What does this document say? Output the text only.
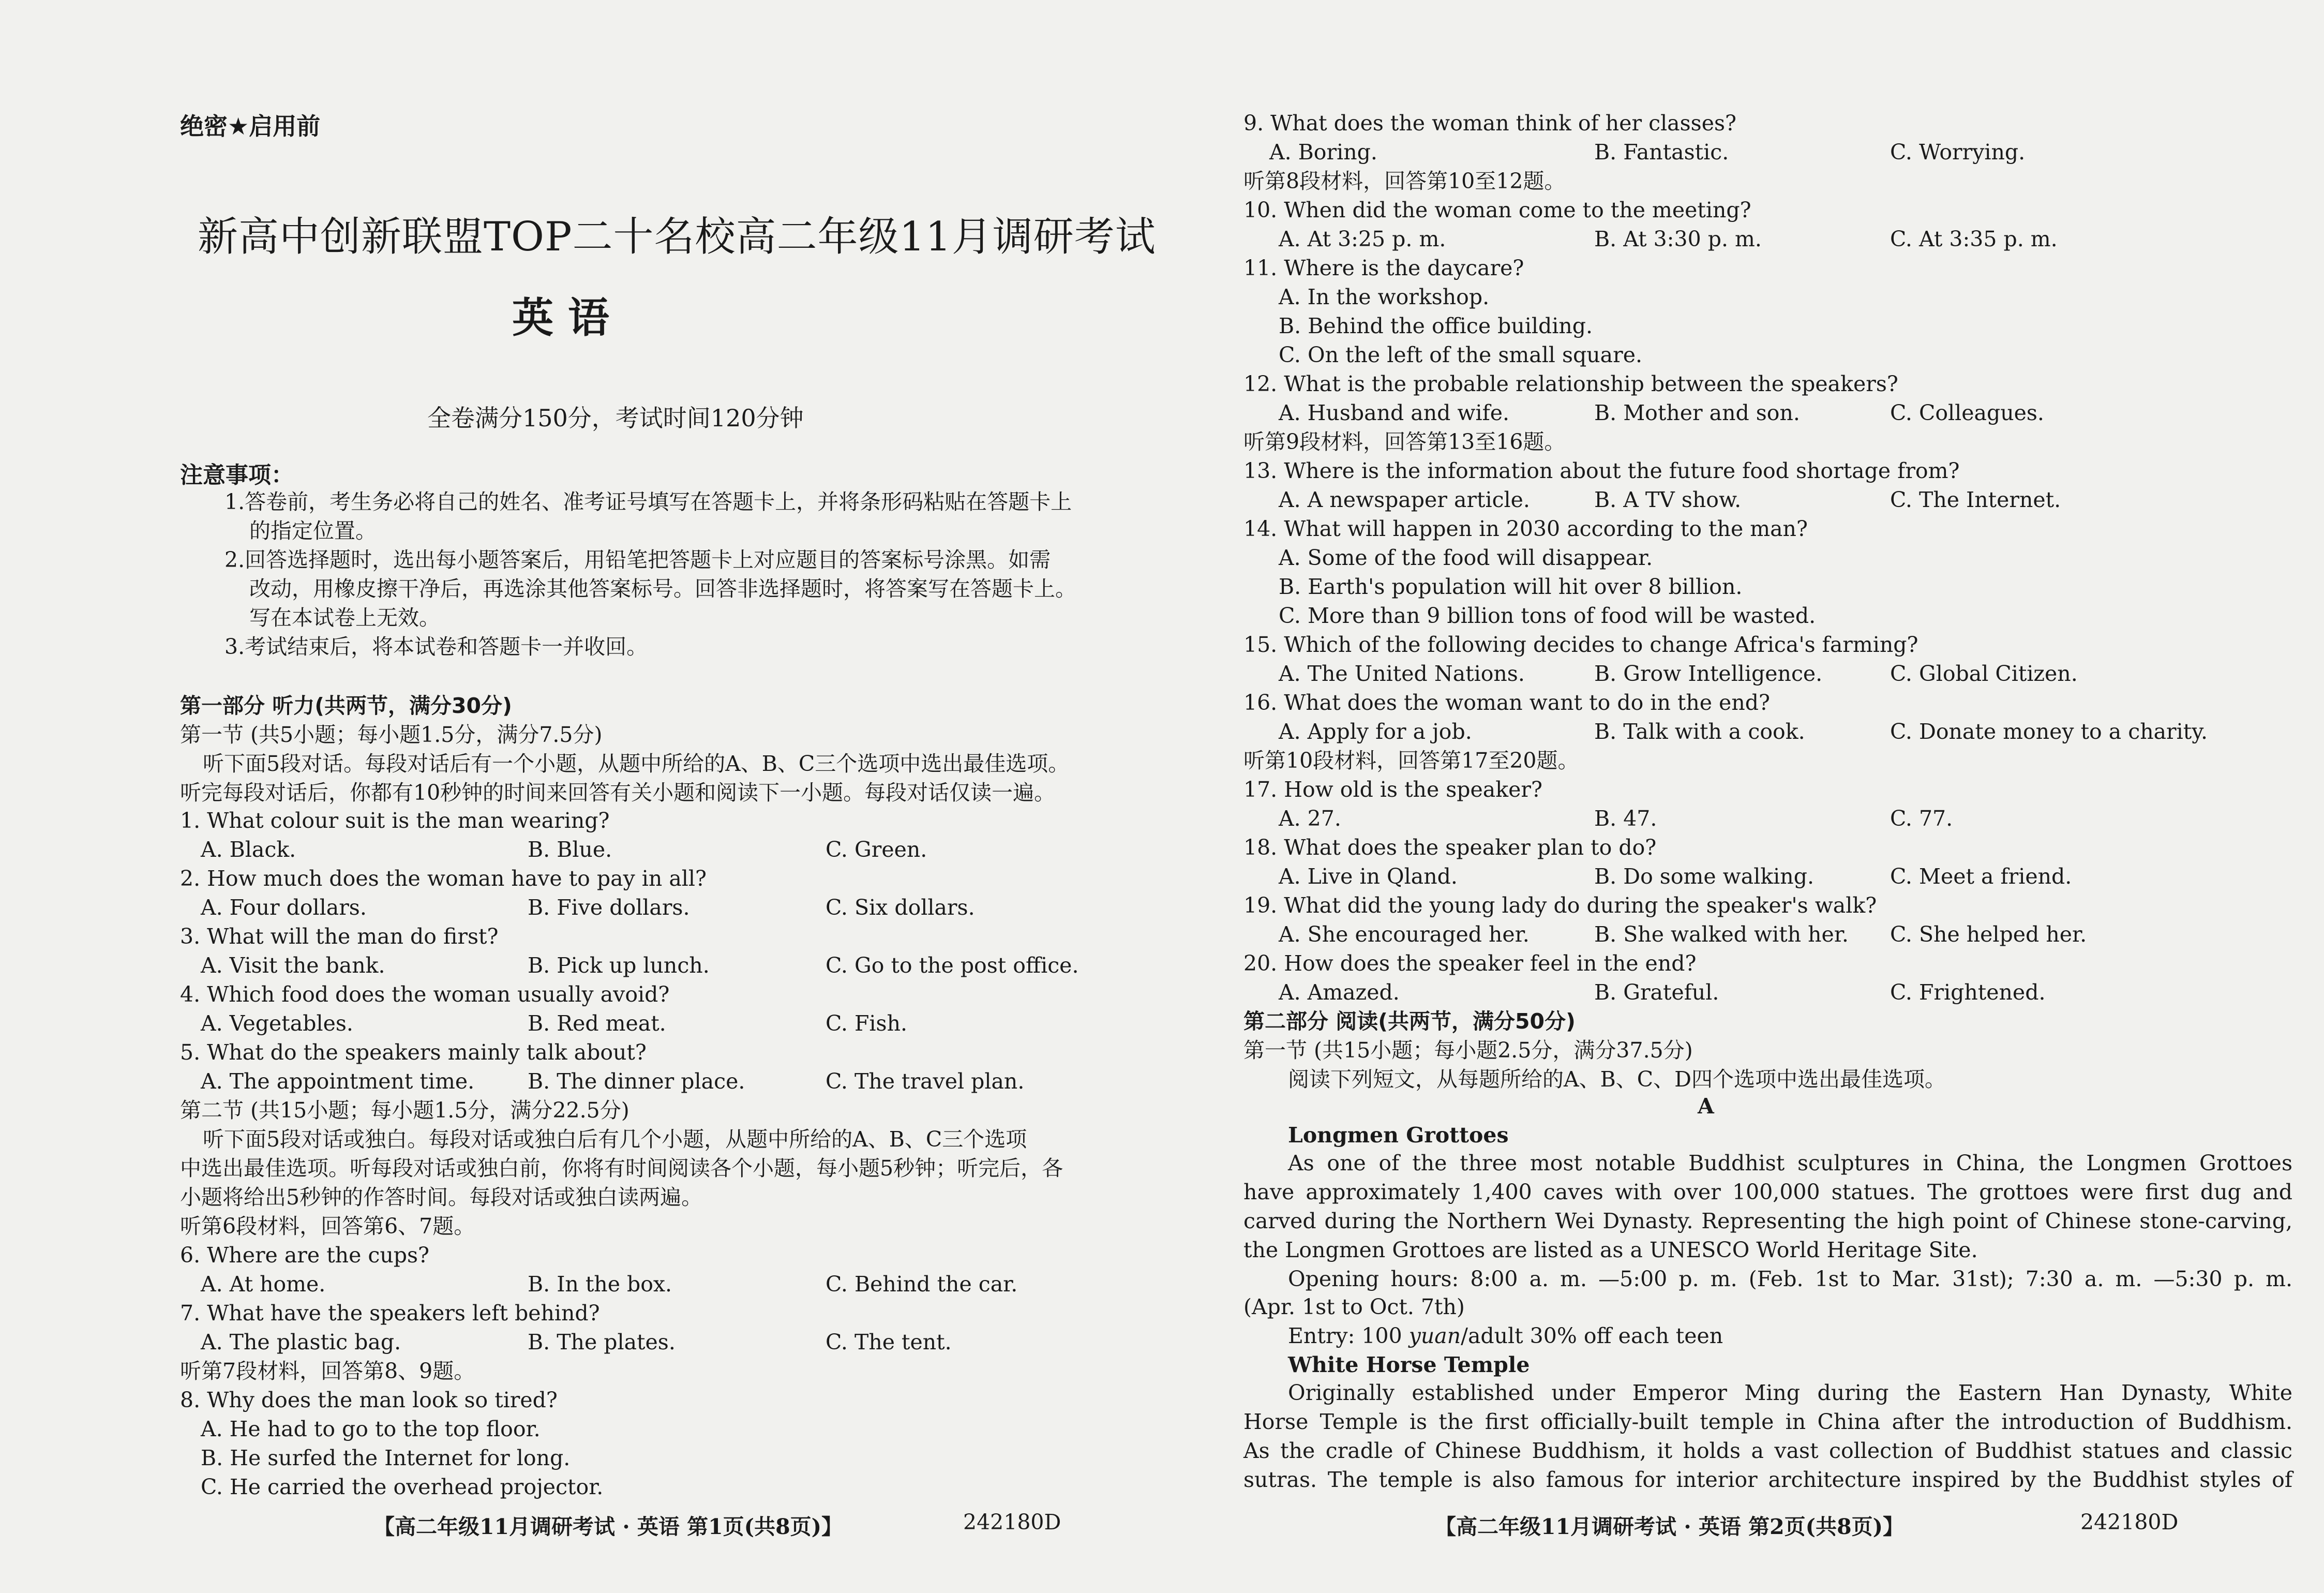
绝密★启用前
新高中创新联盟TOP二十名校高二年级11月调研考试
英 语
全卷满分150分，考试时间120分钟
注意事项：
1.答卷前，考生务必将自己的姓名、准考证号填写在答题卡上，并将条形码粘贴在答题卡上
的指定位置。
2.回答选择题时，选出每小题答案后，用铅笔把答题卡上对应题目的答案标号涂黑。如需
改动，用橡皮擦干净后，再选涂其他答案标号。回答非选择题时，将答案写在答题卡上。
写在本试卷上无效。
3.考试结束后，将本试卷和答题卡一并收回。
第一部分 听力(共两节，满分30分)
第一节 (共5小题；每小题1.5分，满分7.5分)
听下面5段对话。每段对话后有一个小题，从题中所给的A、B、C三个选项中选出最佳选项。
听完每段对话后，你都有10秒钟的时间来回答有关小题和阅读下一小题。每段对话仅读一遍。
1. What colour suit is the man wearing?
A. Black.	B. Blue.	C. Green.
2. How much does the woman have to pay in all?
A. Four dollars.	B. Five dollars.	C. Six dollars.
3. What will the man do first?
A. Visit the bank.	B. Pick up lunch.	C. Go to the post office.
4. Which food does the woman usually avoid?
A. Vegetables.	B. Red meat.	C. Fish.
5. What do the speakers mainly talk about?
A. The appointment time.	B. The dinner place.	C. The travel plan.
第二节 (共15小题；每小题1.5分，满分22.5分)
听下面5段对话或独白。每段对话或独白后有几个小题，从题中所给的A、B、C三个选项
中选出最佳选项。听每段对话或独白前，你将有时间阅读各个小题，每小题5秒钟；听完后，各
小题将给出5秒钟的作答时间。每段对话或独白读两遍。
听第6段材料，回答第6、7题。
6. Where are the cups?
A. At home.	B. In the box.	C. Behind the car.
7. What have the speakers left behind?
A. The plastic bag.	B. The plates.	C. The tent.
听第7段材料，回答第8、9题。
8. Why does the man look so tired?
A. He had to go to the top floor.
B. He surfed the Internet for long.
C. He carried the overhead projector.
【高二年级11月调研考试 · 英语 第1页(共8页)】	242180D
9. What does the woman think of her classes?
A. Boring.	B. Fantastic.	C. Worrying.
听第8段材料，回答第10至12题。
10. When did the woman come to the meeting?
A. At 3:25 p. m.	B. At 3:30 p. m.	C. At 3:35 p. m.
11. Where is the daycare?
A. In the workshop.
B. Behind the office building.
C. On the left of the small square.
12. What is the probable relationship between the speakers?
A. Husband and wife.	B. Mother and son.	C. Colleagues.
听第9段材料，回答第13至16题。
13. Where is the information about the future food shortage from?
A. A newspaper article.	B. A TV show.	C. The Internet.
14. What will happen in 2030 according to the man?
A. Some of the food will disappear.
B. Earth's population will hit over 8 billion.
C. More than 9 billion tons of food will be wasted.
15. Which of the following decides to change Africa's farming?
A. The United Nations.	B. Grow Intelligence.	C. Global Citizen.
16. What does the woman want to do in the end?
A. Apply for a job.	B. Talk with a cook.	C. Donate money to a charity.
听第10段材料，回答第17至20题。
17. How old is the speaker?
A. 27.	B. 47.	C. 77.
18. What does the speaker plan to do?
A. Live in Qland.	B. Do some walking.	C. Meet a friend.
19. What did the young lady do during the speaker's walk?
A. She encouraged her.	B. She walked with her. C. She helped her.
20. How does the speaker feel in the end?
A. Amazed.	B. Grateful.	C. Frightened.
第二部分 阅读(共两节，满分50分)
第一节 (共15小题；每小题2.5分，满分37.5分)
阅读下列短文，从每题所给的A、B、C、D四个选项中选出最佳选项。
A
Longmen Grottoes
As one of the three most notable Buddhist sculptures in China, the Longmen Grottoes
have approximately 1,400 caves with over 100,000 statues. The grottoes were first dug and
carved during the Northern Wei Dynasty. Representing the high point of Chinese stone-carving,
the Longmen Grottoes are listed as a UNESCO World Heritage Site.
Opening hours: 8:00 a. m. —5:00 p. m. (Feb. 1st to Mar. 31st); 7:30 a. m. —5:30 p. m.
(Apr. 1st to Oct. 7th)
Entry: 100 yuan/adult 30% off each teen
White Horse Temple
Originally established under Emperor Ming during the Eastern Han Dynasty, White
Horse Temple is the first officially-built temple in China after the introduction of Buddhism.
As the cradle of Chinese Buddhism, it holds a vast collection of Buddhist statues and classic
sutras. The temple is also famous for interior architecture inspired by the Buddhist styles of
【高二年级11月调研考试 · 英语 第2页(共8页)】	242180D
